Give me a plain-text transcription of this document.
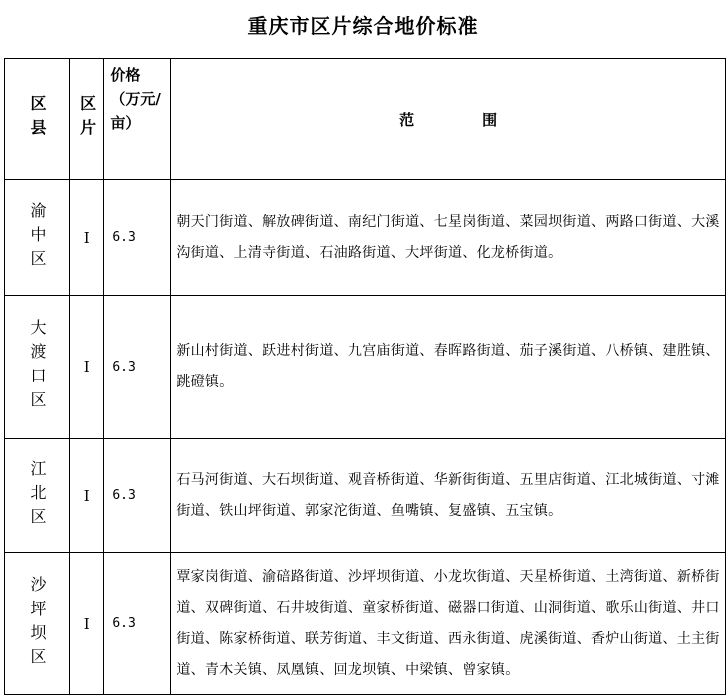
重庆市区片综合地价标准
区县	区片	价格（万元/亩）	范 围

渝中区	Ⅰ	6.3	朝天门街道、解放碑街道、南纪门街道、七星岗街道、菜园坝街道、两路口街道、大溪沟街道、上清寺街道、石油路街道、大坪街道、化龙桥街道。

大渡口区	Ⅰ	6.3	新山村街道、跃进村街道、九宫庙街道、春晖路街道、茄子溪街道、八桥镇、建胜镇、跳磴镇。

江北区	Ⅰ	6.3	石马河街道、大石坝街道、观音桥街道、华新街街道、五里店街道、江北城街道、寸滩街道、铁山坪街道、郭家沱街道、鱼嘴镇、复盛镇、五宝镇。

沙坪坝区	Ⅰ	6.3	覃家岗街道、渝碚路街道、沙坪坝街道、小龙坎街道、天星桥街道、土湾街道、新桥街道、双碑街道、石井坡街道、童家桥街道、磁器口街道、山洞街道、歌乐山街道、井口街道、陈家桥街道、联芳街道、丰文街道、西永街道、虎溪街道、香炉山街道、土主街道、青木关镇、凤凰镇、回龙坝镇、中梁镇、曾家镇。
